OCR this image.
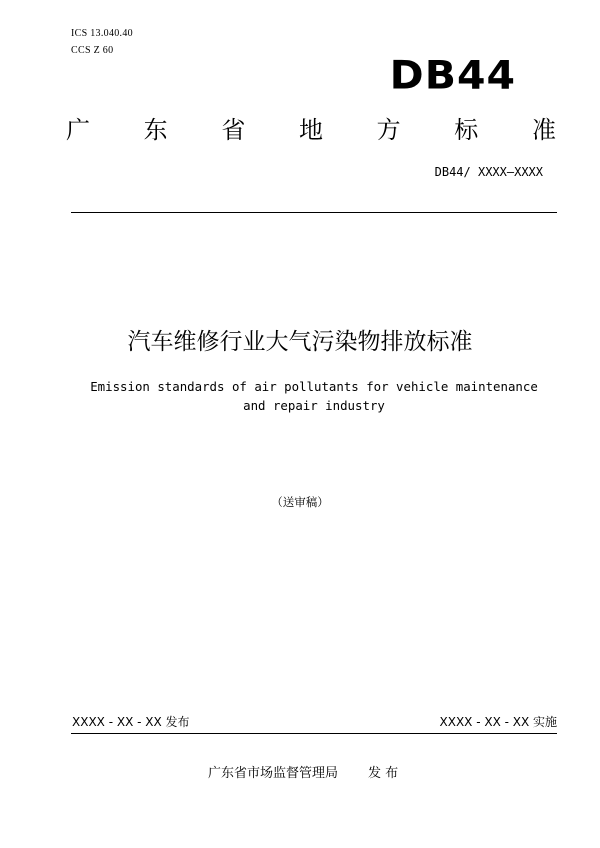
ICS 13.040.40
CCS Z 60
DB44
广 东 省 地 方 标 准
DB44/ XXXX—XXXX
汽车维修行业大气污染物排放标准
Emission standards of air pollutants for vehicle maintenance and repair industry
（送审稿）
XXXX - XX - XX 发布	XXXX - XX - XX 实施
广东省市场监督管理局 发 布
